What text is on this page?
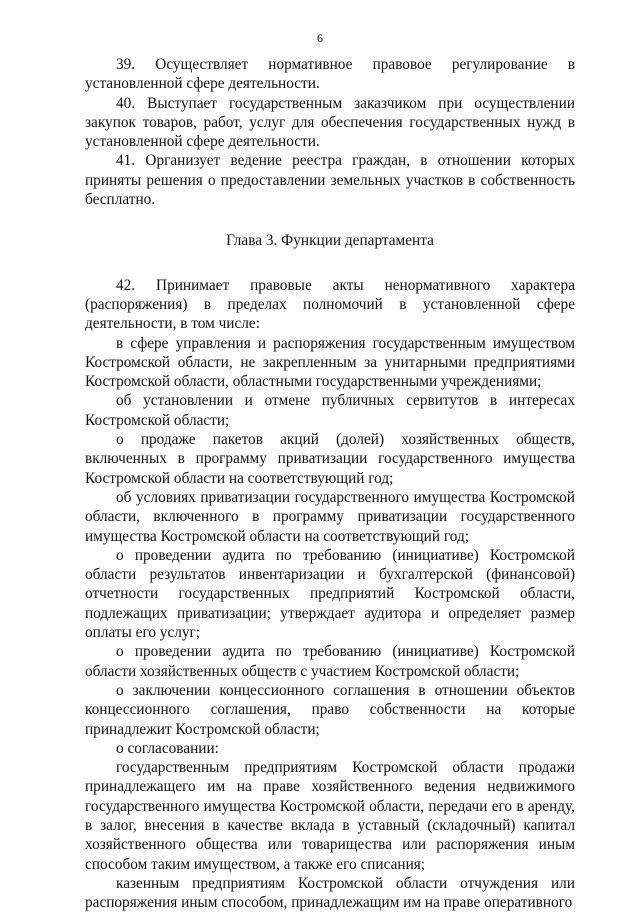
6

39. Осуществляет нормативное правовое регулирование в установленной сфере деятельности.

40. Выступает государственным заказчиком при осуществлении закупок товаров, работ, услуг для обеспечения государственных нужд в установленной сфере деятельности.

41. Организует ведение реестра граждан, в отношении которых приняты решения о предоставлении земельных участков в собственность бесплатно.

Глава 3. Функции департамента

42. Принимает правовые акты ненормативного характера (распоряжения) в пределах полномочий в установленной сфере деятельности, в том числе:

в сфере управления и распоряжения государственным имуществом Костромской области, не закрепленным за унитарными предприятиями Костромской области, областными государственными учреждениями;

об установлении и отмене публичных сервитутов в интересах Костромской области;

о продаже пакетов акций (долей) хозяйственных обществ, включенных в программу приватизации государственного имущества Костромской области на соответствующий год;

об условиях приватизации государственного имущества Костромской области, включенного в программу приватизации государственного имущества Костромской области на соответствующий год;

о проведении аудита по требованию (инициативе) Костромской области результатов инвентаризации и бухгалтерской (финансовой) отчетности государственных предприятий Костромской области, подлежащих приватизации; утверждает аудитора и определяет размер оплаты его услуг;

о проведении аудита по требованию (инициативе) Костромской области хозяйственных обществ с участием Костромской области;

о заключении концессионного соглашения в отношении объектов концессионного соглашения, право собственности на которые принадлежит Костромской области;

о согласовании:

государственным предприятиям Костромской области продажи принадлежащего им на праве хозяйственного ведения недвижимого государственного имущества Костромской области, передачи его в аренду, в залог, внесения в качестве вклада в уставный (складочный) капитал хозяйственного общества или товарищества или распоряжения иным способом таким имуществом, а также его списания;

казенным предприятиям Костромской области отчуждения или распоряжения иным способом, принадлежащим им на праве оперативного
